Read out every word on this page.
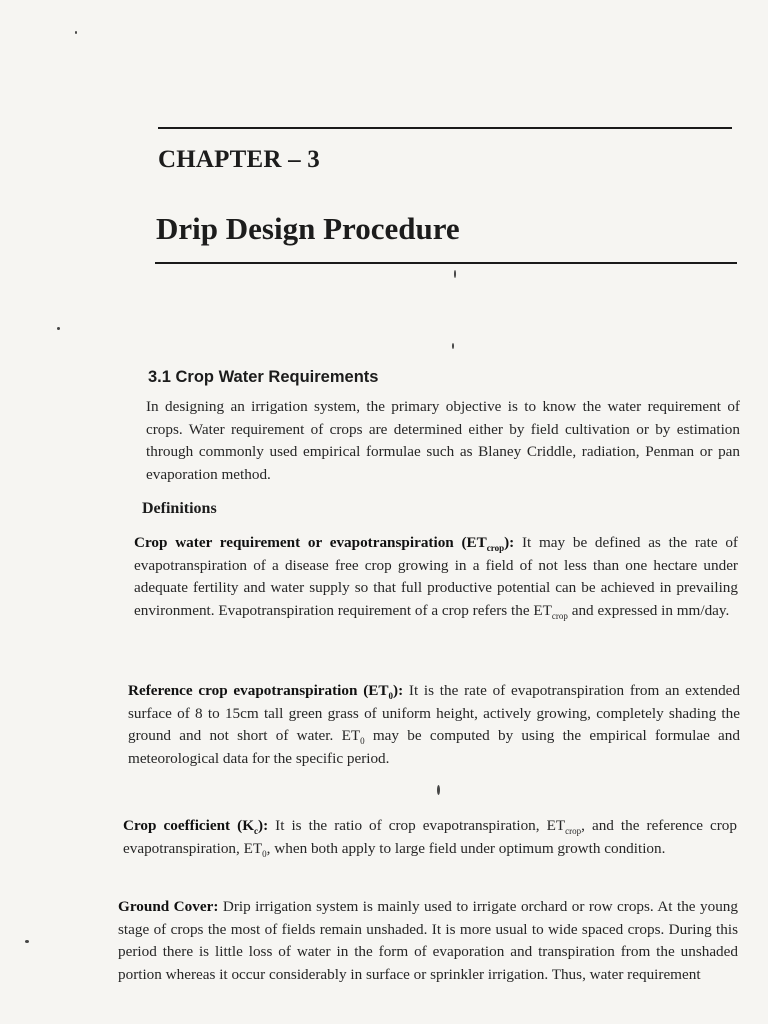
CHAPTER – 3
Drip Design Procedure
3.1 Crop Water Requirements

In designing an irrigation system, the primary objective is to know the water requirement of crops. Water requirement of crops are determined either by field cultivation or by estimation through commonly used empirical formulae such as Blaney Criddle, radiation, Penman or pan evaporation method.

Definitions

Crop water requirement or evapotranspiration $(ET_{crop})$: It may be defined as the rate of evapotranspiration of a disease free crop growing in a field of not less than one hectare under adequate fertility and water supply so that full productive potential can be achieved in prevailing environment. Evapotranspiration requirement of a crop refers the $ET_{crop}$ and expressed in mm/day.

Reference crop evapotranspiration $(ET_0)$: It is the rate of evapotranspiration from an extended surface of 8 to 15cm tall green grass of uniform height, actively growing, completely shading the ground and not short of water. $ET_0$ may be computed by using the empirical formulae and meteorological data for the specific period.

Crop coefficient $(K_c)$: It is the ratio of crop evapotranspiration, $ET_{crop}$, and the reference crop evapotranspiration, $ET_0$, when both apply to large field under optimum growth condition.

Ground Cover: Drip irrigation system is mainly used to irrigate orchard or row crops. At the young stage of crops the most of fields remain unshaded. It is more usual to wide spaced crops. During this period there is little loss of water in the form of evaporation and transpiration from the unshaded portion whereas it occur considerably in surface or sprinkler irrigation. Thus, water requirement
